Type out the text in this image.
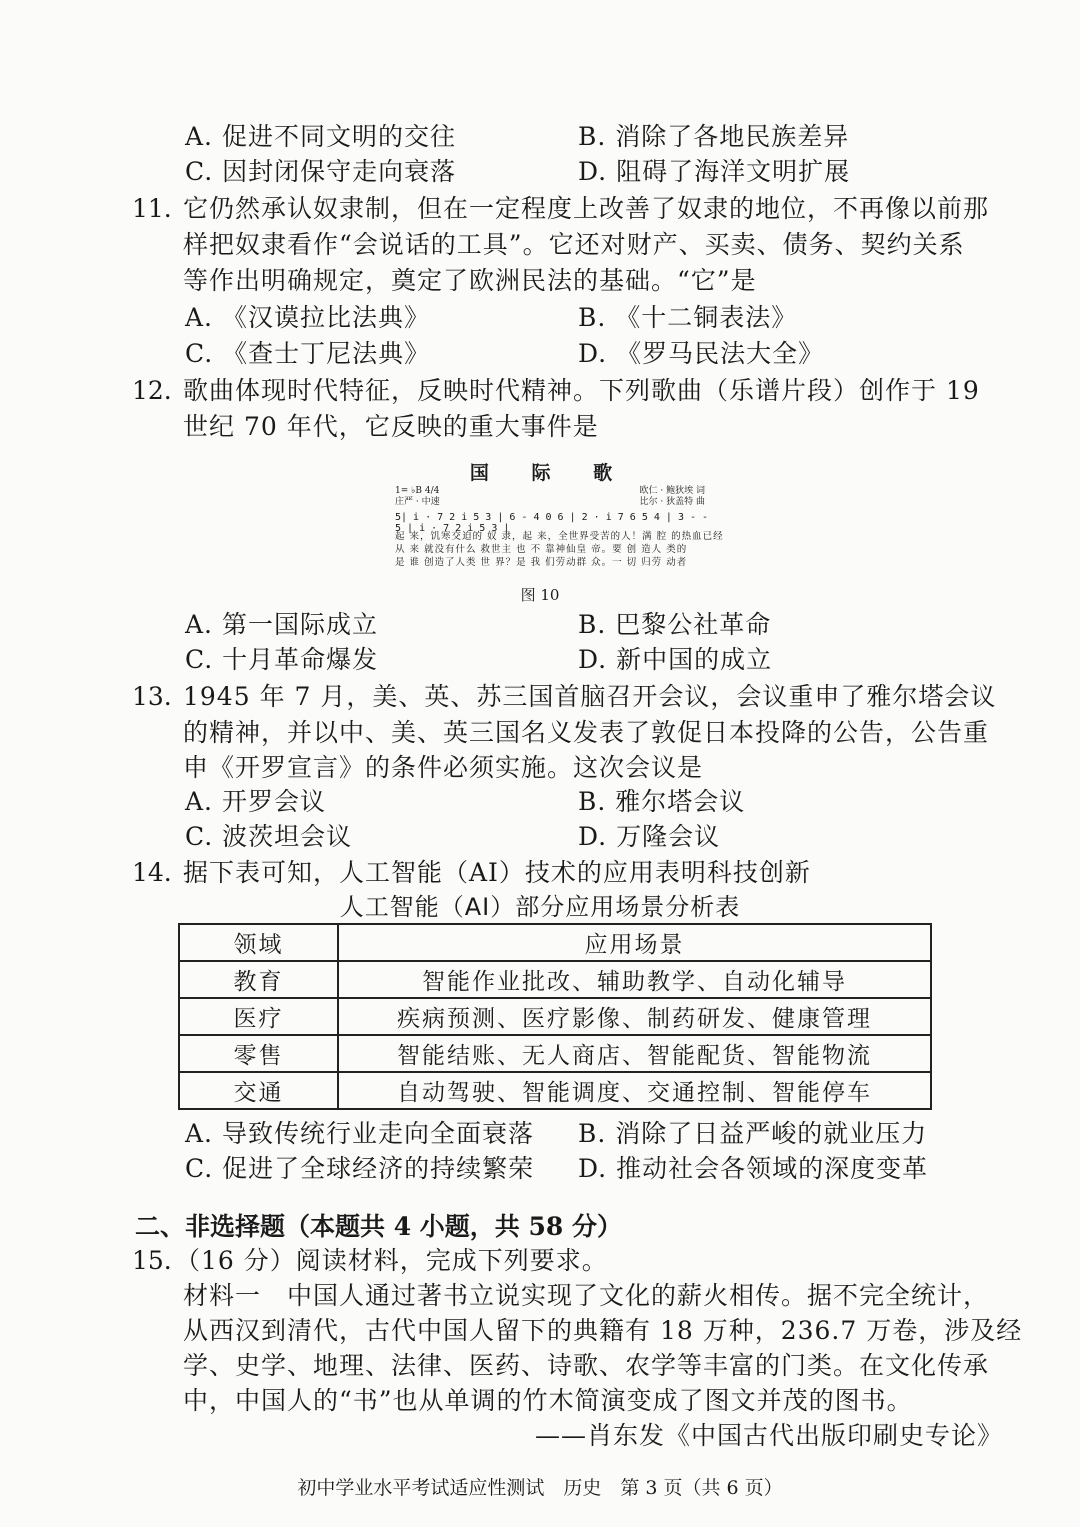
A. 促进不同文明的交往	B. 消除了各地民族差异
C. 因封闭保守走向衰落	D. 阻碍了海洋文明扩展
11. 它仍然承认奴隶制，但在一定程度上改善了奴隶的地位，不再像以前那
样把奴隶看作“会说话的工具”。它还对财产、买卖、债务、契约关系
等作出明确规定，奠定了欧洲民法的基础。“它”是
A. 《汉谟拉比法典》	B. 《十二铜表法》
C. 《查士丁尼法典》	D. 《罗马民法大全》
12. 歌曲体现时代特征，反映时代精神。下列歌曲（乐谱片段）创作于 19
世纪 70 年代，它反映的重大事件是
国 际 歌
1= ♭B 4/4
庄严 · 中速
欧仁 · 鲍狄埃 词
比尔 · 狄盖特 曲
5| i · 7 2 i 5 3 | 6 - 4 0 6 | 2 · i 7 6 5 4 | 3 - - 5 | i · 7 2 i 5 3 |
起 来，饥寒交迫的 奴 隶，起 来，全世界受苦的人！满 腔 的热血已经
从 来 就没有什么 救世主 也 不 靠神仙皇 帝。要 创 造人 类的
是 谁 创造了人类 世 界？是 我 们劳动群 众。一 切 归劳 动者
图 10
A. 第一国际成立	B. 巴黎公社革命
C. 十月革命爆发	D. 新中国的成立
13. 1945 年 7 月，美、英、苏三国首脑召开会议，会议重申了雅尔塔会议
的精神，并以中、美、英三国名义发表了敦促日本投降的公告，公告重
申《开罗宣言》的条件必须实施。这次会议是
A. 开罗会议	B. 雅尔塔会议
C. 波茨坦会议	D. 万隆会议
14. 据下表可知，人工智能（AI）技术的应用表明科技创新
人工智能（AI）部分应用场景分析表
领域	应用场景
教育	智能作业批改、辅助教学、自动化辅导
医疗	疾病预测、医疗影像、制药研发、健康管理
零售	智能结账、无人商店、智能配货、智能物流
交通	自动驾驶、智能调度、交通控制、智能停车
A. 导致传统行业走向全面衰落 B. 消除了日益严峻的就业压力
C. 促进了全球经济的持续繁荣 D. 推动社会各领域的深度变革
二、非选择题（本题共 4 小题，共 58 分）
15. （16 分）阅读材料，完成下列要求。
材料一　 中国人通过著书立说实现了文化的薪火相传。据不完全统计，
从西汉到清代，古代中国人留下的典籍有 18 万种，236.7 万卷，涉及经
学、史学、地理、法律、医药、诗歌、农学等丰富的门类。在文化传承
中，中国人的“书”也从单调的竹木简演变成了图文并茂的图书。
——肖东发《中国古代出版印刷史专论》
初中学业水平考试适应性测试　历史　第 3 页（共 6 页）
